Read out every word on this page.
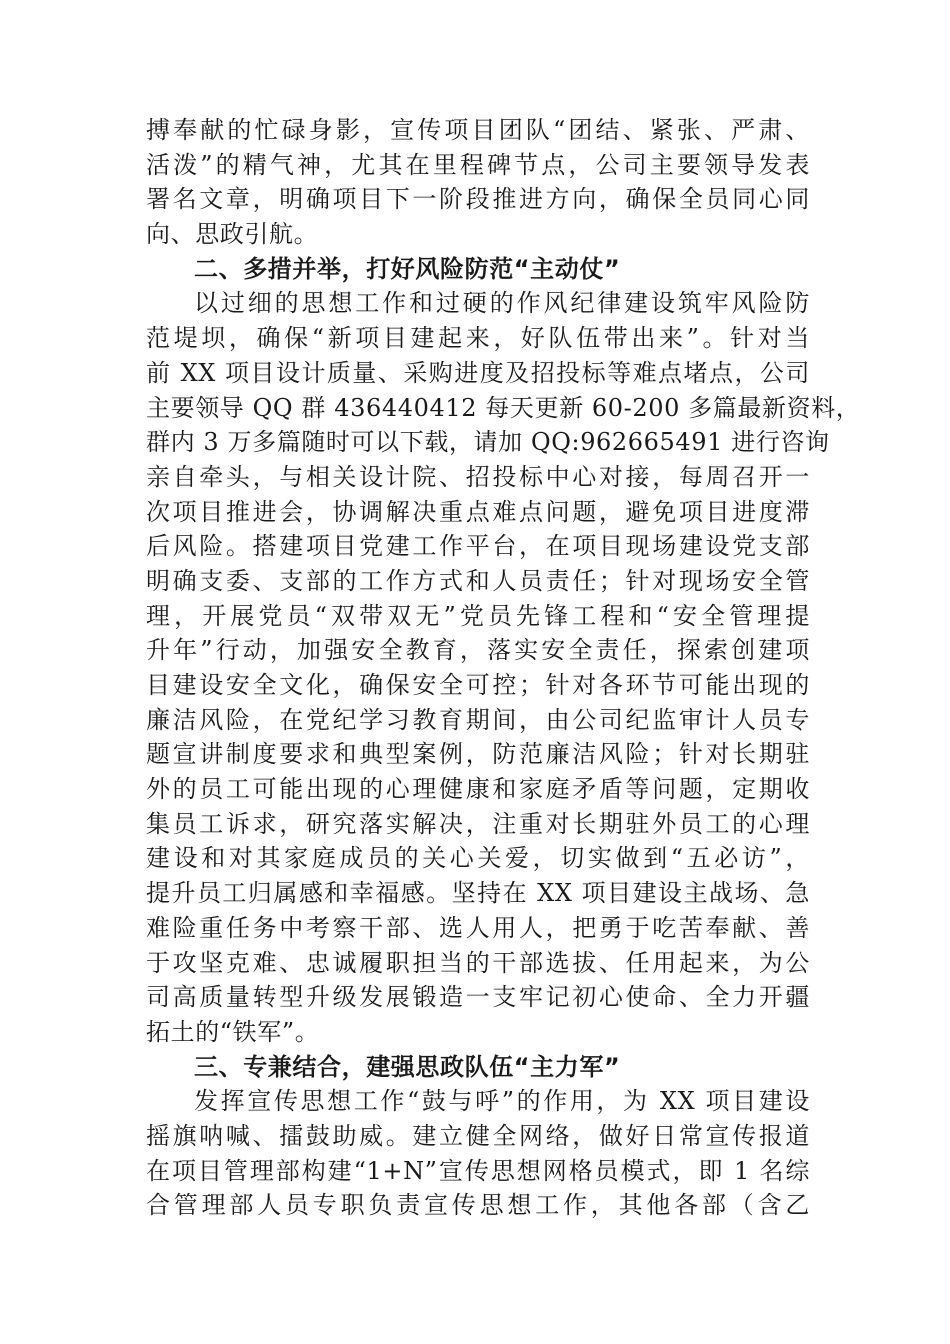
搏奉献的忙碌身影，宣传项目团队“团结、紧张、严肃、
活泼”的精气神，尤其在里程碑节点，公司主要领导发表
署名文章，明确项目下一阶段推进方向，确保全员同心同
向、思政引航。
二、多措并举，打好风险防范“主动仗”
以过细的思想工作和过硬的作风纪律建设筑牢风险防
范堤坝，确保“新项目建起来，好队伍带出来”。针对当
前 XX 项目设计质量、采购进度及招投标等难点堵点，公司
主要领导 QQ 群 436440412 每天更新 60-200 多篇最新资料，
群内 3 万多篇随时可以下载，请加 QQ:962665491 进行咨询
亲自牵头，与相关设计院、招投标中心对接，每周召开一
次项目推进会，协调解决重点难点问题，避免项目进度滞
后风险。搭建项目党建工作平台，在项目现场建设党支部
明确支委、支部的工作方式和人员责任；针对现场安全管
理，开展党员“双带双无”党员先锋工程和“安全管理提
升年”行动，加强安全教育，落实安全责任，探索创建项
目建设安全文化，确保安全可控；针对各环节可能出现的
廉洁风险，在党纪学习教育期间，由公司纪监审计人员专
题宣讲制度要求和典型案例，防范廉洁风险；针对长期驻
外的员工可能出现的心理健康和家庭矛盾等问题，定期收
集员工诉求，研究落实解决，注重对长期驻外员工的心理
建设和对其家庭成员的关心关爱，切实做到“五必访”，
提升员工归属感和幸福感。坚持在 XX 项目建设主战场、急
难险重任务中考察干部、选人用人，把勇于吃苦奉献、善
于攻坚克难、忠诚履职担当的干部选拔、任用起来，为公
司高质量转型升级发展锻造一支牢记初心使命、全力开疆
拓土的“铁军”。
三、专兼结合，建强思政队伍“主力军”
发挥宣传思想工作“鼓与呼”的作用，为 XX 项目建设
摇旗呐喊、擂鼓助威。建立健全网络，做好日常宣传报道
在项目管理部构建“1+N”宣传思想网格员模式，即 1 名综
合管理部人员专职负责宣传思想工作，其他各部（含乙
